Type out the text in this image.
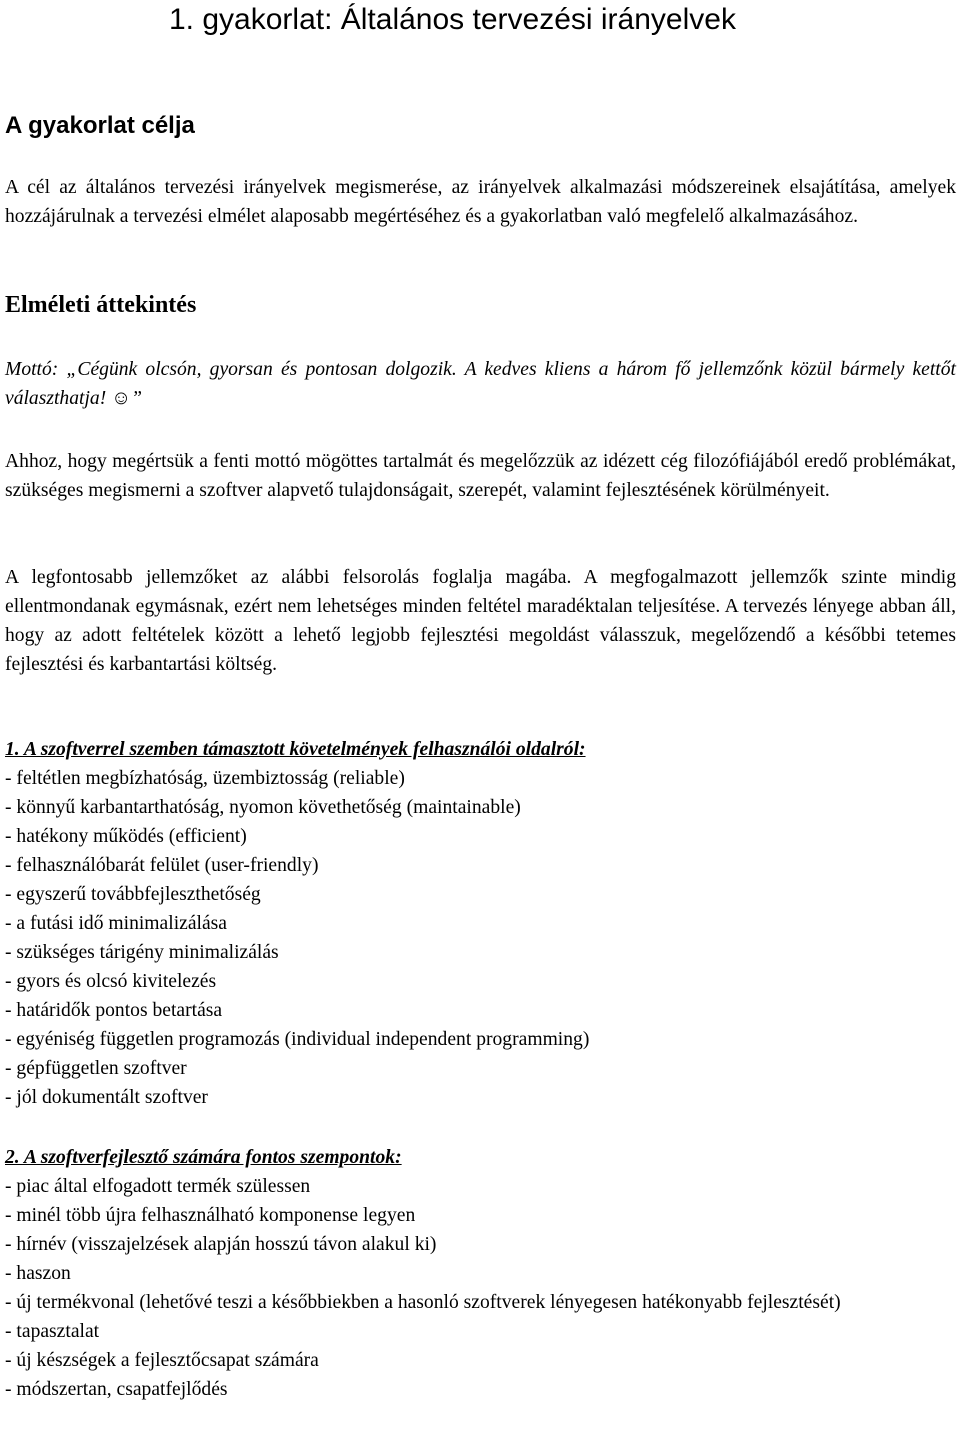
1. gyakorlat: Általános tervezési irányelvek
A gyakorlat célja

A cél az általános tervezési irányelvek megismerése, az irányelvek alkalmazási módszereinek elsajátítása, amelyek hozzájárulnak a tervezési elmélet alaposabb megértéséhez és a gyakorlatban való megfelelő alkalmazásához.

Elméleti áttekintés

Mottó: „Cégünk olcsón, gyorsan és pontosan dolgozik. A kedves kliens a három fő jellemzőnk közül bármely kettőt választhatja! ☺”

Ahhoz, hogy megértsük a fenti mottó mögöttes tartalmát és megelőzzük az idézett cég filozófiájából eredő problémákat, szükséges megismerni a szoftver alapvető tulajdonságait, szerepét, valamint fejlesztésének körülményeit.

A legfontosabb jellemzőket az alábbi felsorolás foglalja magába. A megfogalmazott jellemzők szinte mindig ellentmondanak egymásnak, ezért nem lehetséges minden feltétel maradéktalan teljesítése. A tervezés lényege abban áll, hogy az adott feltételek között a lehető legjobb fejlesztési megoldást válasszuk, megelőzendő a későbbi tetemes fejlesztési és karbantartási költség.

1. A szoftverrel szemben támasztott követelmények felhasználói oldalról:

- feltétlen megbízhatóság, üzembiztosság (reliable)
- könnyű karbantarthatóság, nyomon követhetőség (maintainable)
- hatékony működés (efficient)
- felhasználóbarát felület (user-friendly)
- egyszerű továbbfejleszthetőség
- a futási idő minimalizálása
- szükséges tárigény minimalizálás
- gyors és olcsó kivitelezés
- határidők pontos betartása
- egyéniség független programozás (individual independent programming)
- gépfüggetlen szoftver
- jól dokumentált szoftver

2. A szoftverfejlesztő számára fontos szempontok:

- piac által elfogadott termék szülessen
- minél több újra felhasználható komponense legyen
- hírnév (visszajelzések alapján hosszú távon alakul ki)
- haszon
- új termékvonal (lehetővé teszi a későbbiekben a hasonló szoftverek lényegesen hatékonyabb fejlesztését)
- tapasztalat
- új készségek a fejlesztőcsapat számára
- módszertan, csapatfejlődés
